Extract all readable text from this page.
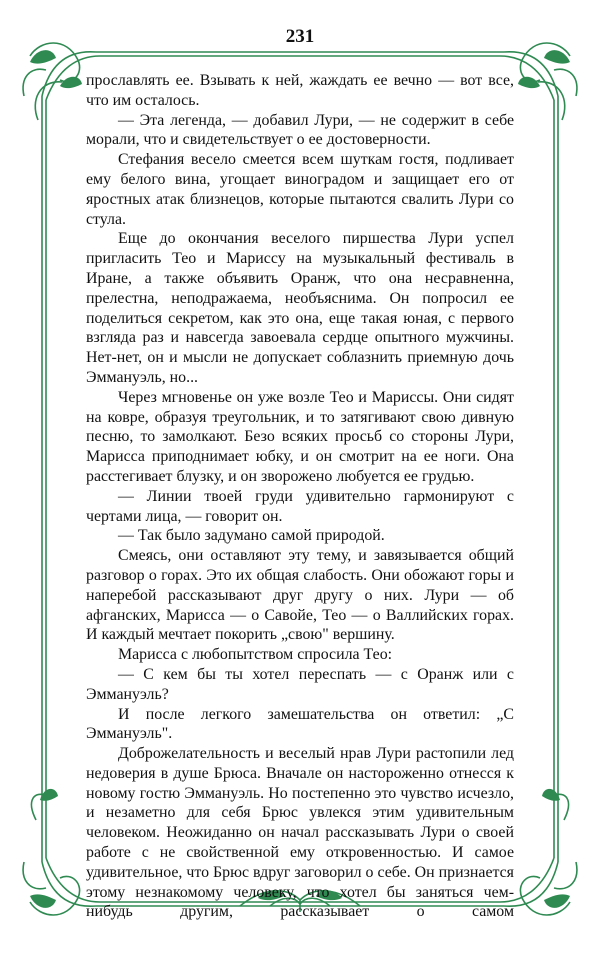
231

прославлять ее. Взывать к ней, жаждать ее вечно — вот все, что им осталось.

— Эта легенда, — добавил Лури, — не содержит в себе морали, что и свидетельствует о ее достоверности.

Стефания весело смеется всем шуткам гостя, подливает ему белого вина, угощает виноградом и защищает его от яростных атак близнецов, которые пытаются свалить Лури со стула.

Еще до окончания веселого пиршества Лури успел пригласить Тео и Мариссу на музыкальный фестиваль в Иране, а также объявить Оранж, что она несравненна, прелестна, неподражаема, необъяснима. Он попросил ее поделиться секретом, как это она, еще такая юная, с первого взгляда раз и навсегда завоевала сердце опытного мужчины. Нет-нет, он и мысли не допускает соблазнить приемную дочь Эммануэль, но...

Через мгновенье он уже возле Тео и Мариссы. Они сидят на ковре, образуя треугольник, и то затягивают свою дивную песню, то замолкают. Безо всяких просьб со стороны Лури, Марисса приподнимает юбку, и он смотрит на ее ноги. Она расстегивает блузку, и он зворожено любуется ее грудью.

— Линии твоей груди удивительно гармонируют с чертами лица, — говорит он.

— Так было задумано самой природой.

Смеясь, они оставляют эту тему, и завязывается общий разговор о горах. Это их общая слабость. Они обожают горы и наперебой рассказывают друг другу о них. Лури — об афганских, Марисса — о Савойе, Тео — о Валлийских горах. И каждый мечтает покорить „свою" вершину.

Марисса с любопытством спросила Тео:

— С кем бы ты хотел переспать — с Оранж или с Эммануэль?

И после легкого замешательства он ответил: „С Эммануэль".

Доброжелательность и веселый нрав Лури растопили лед недоверия в душе Брюса. Вначале он настороженно отнесся к новому гостю Эммануэль. Но постепенно это чувство исчезло, и незаметно для себя Брюс увлекся этим удивительным человеком. Неожиданно он начал рассказывать Лури о своей работе с не свойственной ему откровенностью. И самое удивительное, что Брюс вдруг заговорил о себе. Он признается этому незнакомому человеку, что хотел бы заняться чем-нибудь другим, рассказывает о самом
